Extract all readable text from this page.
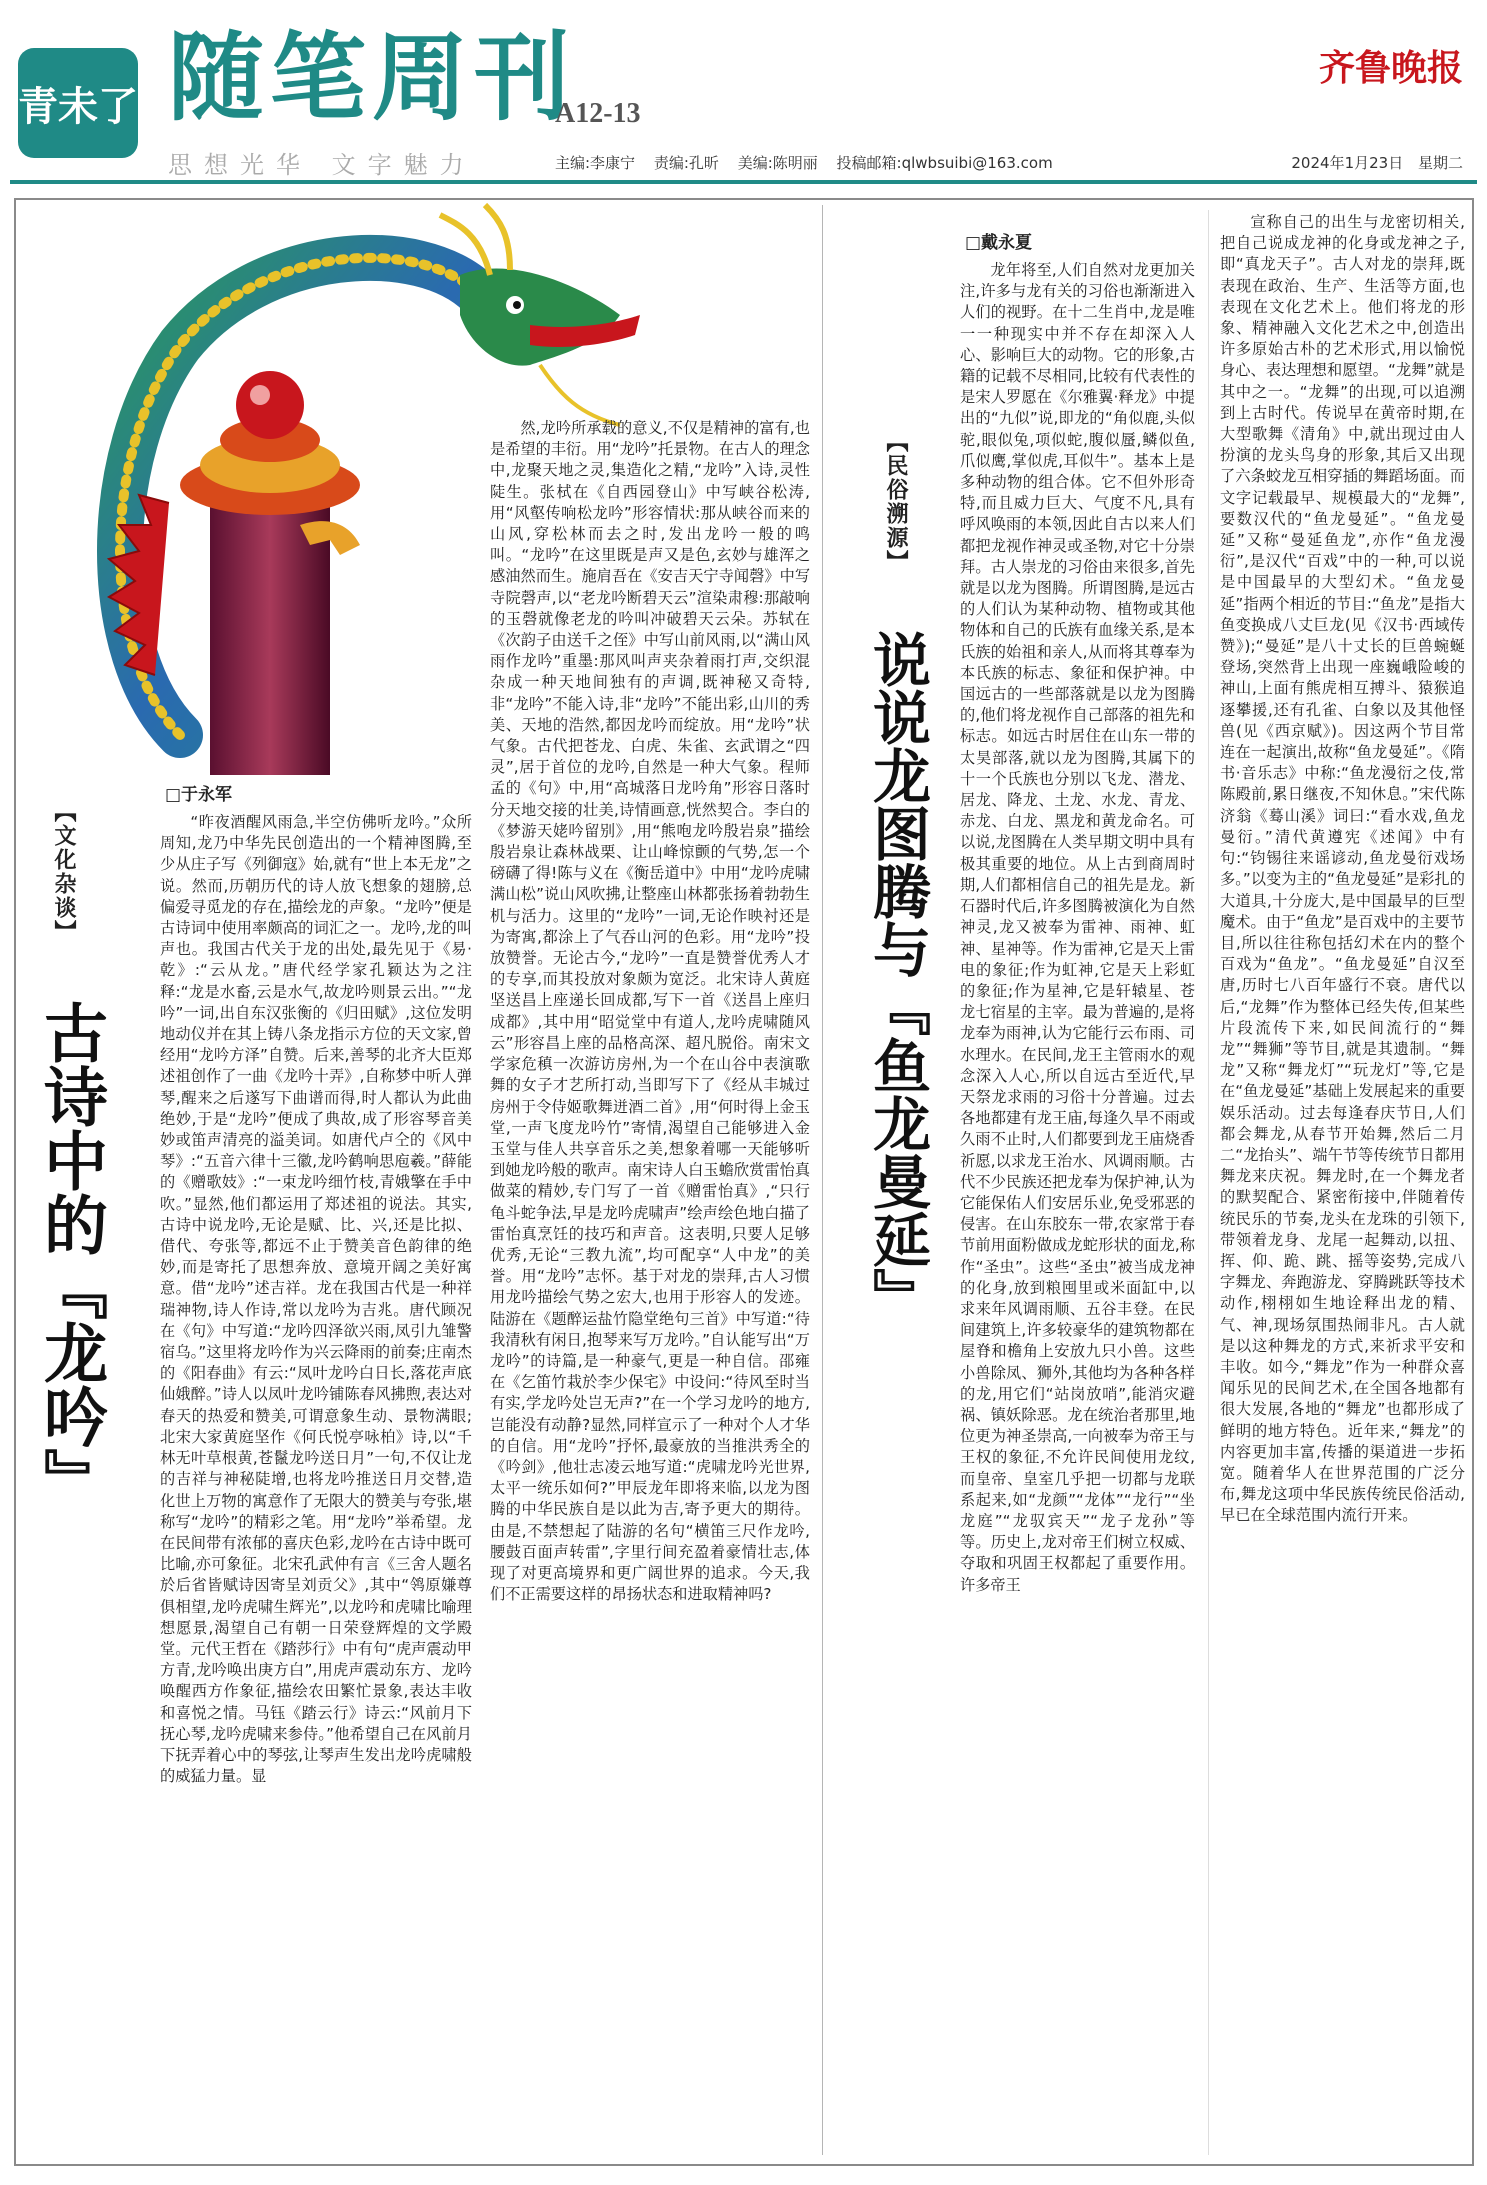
青未了 随笔周刊
A12-13
齐鲁晚报
思想光华 文字魅力	主编:李康宁 责编:孔昕 美编:陈明丽 投稿邮箱:qlwbsuibi@163.com	2024年1月23日 星期二
【文化杂谈】
古诗中的『龙吟』
□于永军

“昨夜酒醒风雨急,半空仿佛听龙吟。”众所周知,龙乃中华先民创造出的一个精神图腾,至少从庄子写《列御寇》始,就有“世上本无龙”之说。然而,历朝历代的诗人放飞想象的翅膀,总偏爱寻觅龙的存在,描绘龙的声象。“龙吟”便是古诗词中使用率颇高的词汇之一。龙吟,龙的叫声也。我国古代关于龙的出处,最先见于《易·乾》:“云从龙。”唐代经学家孔颖达为之注释:“龙是水畜,云是水气,故龙吟则景云出。”“龙吟”一词,出自东汉张衡的《归田赋》,这位发明地动仪并在其上铸八条龙指示方位的天文家,曾经用“龙吟方泽”自赞。后来,善琴的北齐大臣郑述祖创作了一曲《龙吟十弄》,自称梦中听人弹琴,醒来之后遂写下曲谱而得,时人都认为此曲绝妙,于是“龙吟”便成了典故,成了形容琴音美妙或笛声清亮的溢美词。如唐代卢仝的《风中琴》:“五音六律十三徽,龙吟鹤响思庖羲。”薛能的《赠歌妓》:“一束龙吟细竹枝,青娥擎在手中吹。”显然,他们都运用了郑述祖的说法。其实,古诗中说龙吟,无论是赋、比、兴,还是比拟、借代、夸张等,都远不止于赞美音色韵律的绝妙,而是寄托了思想奔放、意境开阔之美好寓意。借“龙吟”述吉祥。龙在我国古代是一种祥瑞神物,诗人作诗,常以龙吟为吉兆。唐代顾况在《句》中写道:“龙吟四泽欲兴雨,凤引九雏警宿乌。”这里将龙吟作为兴云降雨的前奏;庄南杰的《阳春曲》有云:“凤叶龙吟白日长,落花声底仙娥醉。”诗人以凤叶龙吟铺陈春风拂煦,表达对春天的热爱和赞美,可谓意象生动、景物满眼;北宋大家黄庭坚作《何氏悦亭咏柏》诗,以“千林无叶草根黄,苍鬣龙吟送日月”一句,不仅让龙的吉祥与神秘陡增,也将龙吟推送日月交替,造化世上万物的寓意作了无限大的赞美与夸张,堪称写“龙吟”的精彩之笔。用“龙吟”举希望。龙在民间带有浓郁的喜庆色彩,龙吟在古诗中既可比喻,亦可象征。北宋孔武仲有言《三舍人题名於后省皆赋诗因寄呈刘贡父》,其中“鸰原嫌尊俱相望,龙吟虎啸生辉光”,以龙吟和虎啸比喻理想愿景,渴望自己有朝一日荣登辉煌的文学殿堂。元代王哲在《踏莎行》中有句“虎声震动甲方青,龙吟唤出庚方白”,用虎声震动东方、龙吟唤醒西方作象征,描绘农田繁忙景象,表达丰收和喜悦之情。马钰《踏云行》诗云:“风前月下抚心琴,龙吟虎啸来参侍。”他希望自己在风前月下抚弄着心中的琴弦,让琴声生发出龙吟虎啸般的威猛力量。显

然,龙吟所承载的意义,不仅是精神的富有,也是希望的丰衍。用“龙吟”托景物。在古人的理念中,龙聚天地之灵,集造化之精,“龙吟”入诗,灵性陡生。张栻在《自西园登山》中写峡谷松涛,用“风壑传响松龙吟”形容情状:那从峡谷而来的山风,穿松林而去之时,发出龙吟一般的鸣叫。“龙吟”在这里既是声又是色,玄妙与雄浑之感油然而生。施肩吾在《安吉天宁寺闻磬》中写寺院磬声,以“老龙吟断碧天云”渲染肃穆:那敲响的玉磬就像老龙的吟叫冲破碧天云朵。苏轼在《次韵子由送千之侄》中写山前风雨,以“满山风雨作龙吟”重墨:那风叫声夹杂着雨打声,交织混杂成一种天地间独有的声调,既神秘又奇特,非“龙吟”不能入诗,非“龙吟”不能出彩,山川的秀美、天地的浩然,都因龙吟而绽放。用“龙吟”状气象。古代把苍龙、白虎、朱雀、玄武谓之“四灵”,居于首位的龙吟,自然是一种大气象。程师孟的《句》中,用“高城落日龙吟角”形容日落时分天地交接的壮美,诗情画意,恍然契合。李白的《梦游天姥吟留别》,用“熊咆龙吟殷岩泉”描绘殷岩泉让森林战栗、让山峰惊颤的气势,怎一个磅礴了得!陈与义在《衡岳道中》中用“龙吟虎啸满山松”说山风吹拂,让整座山林都张扬着勃勃生机与活力。这里的“龙吟”一词,无论作映衬还是为寄寓,都涂上了气吞山河的色彩。用“龙吟”投放赞誉。无论古今,“龙吟”一直是赞誉优秀人才的专享,而其投放对象颇为宽泛。北宋诗人黄庭坚送昌上座递长回成都,写下一首《送昌上座归成都》,其中用“昭觉堂中有道人,龙吟虎啸随风云”形容昌上座的品格高深、超凡脱俗。南宋文学家危稹一次游访房州,为一个在山谷中表演歌舞的女子才艺所打动,当即写下了《经从丰城过房州于令侍姬歌舞迸酒二首》,用“何时得上金玉堂,一声飞度龙吟竹”寄情,渴望自己能够进入金玉堂与佳人共享音乐之美,想象着哪一天能够听到她龙吟般的歌声。南宋诗人白玉蟾欣赏雷怡真做菜的精妙,专门写了一首《赠雷怡真》,“只行龟斗蛇争法,早是龙吟虎啸声”绘声绘色地白描了雷怡真烹饪的技巧和声音。这表明,只要人足够优秀,无论“三教九流”,均可配享“人中龙”的美誉。用“龙吟”志怀。基于对龙的崇拜,古人习惯用龙吟描绘气势之宏大,也用于形容人的发迹。陆游在《题醉运盐竹隐堂绝句三首》中写道:“待我清秋有闲日,抱琴来写万龙吟。”自认能写出“万龙吟”的诗篇,是一种豪气,更是一种自信。邵雍在《乞笛竹栽於李少保宅》中设问:“待风至时当有实,学龙吟处岂无声?”在一个学习龙吟的地方,岂能没有动静?显然,同样宣示了一种对个人才华的自信。用“龙吟”抒怀,最豪放的当推洪秀全的《吟剑》,他壮志凌云地写道:“虎啸龙吟光世界,太平一统乐如何?”甲辰龙年即将来临,以龙为图腾的中华民族自是以此为吉,寄予更大的期待。由是,不禁想起了陆游的名句“横笛三尺作龙吟,腰鼓百面声转雷”,字里行间充盈着豪情壮志,体现了对更高境界和更广阔世界的追求。今天,我们不正需要这样的昂扬状态和进取精神吗?

【民俗溯源】
说说龙图腾与『鱼龙曼延』
□戴永夏

龙年将至,人们自然对龙更加关注,许多与龙有关的习俗也渐渐进入人们的视野。在十二生肖中,龙是唯一一种现实中并不存在却深入人心、影响巨大的动物。它的形象,古籍的记载不尽相同,比较有代表性的是宋人罗愿在《尔雅翼·释龙》中提出的“九似”说,即龙的“角似鹿,头似驼,眼似兔,项似蛇,腹似蜃,鳞似鱼,爪似鹰,掌似虎,耳似牛”。基本上是多种动物的组合体。它不但外形奇特,而且威力巨大、气度不凡,具有呼风唤雨的本领,因此自古以来人们都把龙视作神灵或圣物,对它十分崇拜。古人崇龙的习俗由来很多,首先就是以龙为图腾。所谓图腾,是远古的人们认为某种动物、植物或其他物体和自己的氏族有血缘关系,是本氏族的始祖和亲人,从而将其尊奉为本氏族的标志、象征和保护神。中国远古的一些部落就是以龙为图腾的,他们将龙视作自己部落的祖先和标志。如远古时居住在山东一带的太昊部落,就以龙为图腾,其属下的十一个氏族也分别以飞龙、潜龙、居龙、降龙、土龙、水龙、青龙、赤龙、白龙、黑龙和黄龙命名。可以说,龙图腾在人类早期文明中具有极其重要的地位。从上古到商周时期,人们都相信自己的祖先是龙。新石器时代后,许多图腾被演化为自然神灵,龙又被奉为雷神、雨神、虹神、星神等。作为雷神,它是天上雷电的象征;作为虹神,它是天上彩虹的象征;作为星神,它是轩辕星、苍龙七宿星的主宰。最为普遍的,是将龙奉为雨神,认为它能行云布雨、司水理水。在民间,龙王主管雨水的观念深入人心,所以自远古至近代,早天祭龙求雨的习俗十分普遍。过去各地都建有龙王庙,每逢久旱不雨或久雨不止时,人们都要到龙王庙烧香祈愿,以求龙王治水、风调雨顺。古代不少民族还把龙奉为保护神,认为它能保佑人们安居乐业,免受邪恶的侵害。在山东胶东一带,农家常于春节前用面粉做成龙蛇形状的面龙,称作“圣虫”。这些“圣虫”被当成龙神的化身,放到粮囤里或米面缸中,以求来年风调雨顺、五谷丰登。在民间建筑上,许多较豪华的建筑物都在屋脊和檐角上安放九只小兽。这些小兽除凤、狮外,其他均为各种各样的龙,用它们“站岗放哨”,能消灾避祸、镇妖除恶。龙在统治者那里,地位更为神圣崇高,一向被奉为帝王与王权的象征,不允许民间使用龙纹,而皇帝、皇室几乎把一切都与龙联系起来,如“龙颜”“龙体”“龙行”“坐龙庭”“龙驭宾天”“龙子龙孙”等等。历史上,龙对帝王们树立权威、夺取和巩固王权都起了重要作用。许多帝王

宣称自己的出生与龙密切相关,把自己说成龙神的化身或龙神之子,即“真龙天子”。古人对龙的崇拜,既表现在政治、生产、生活等方面,也表现在文化艺术上。他们将龙的形象、精神融入文化艺术之中,创造出许多原始古朴的艺术形式,用以愉悦身心、表达理想和愿望。“龙舞”就是其中之一。“龙舞”的出现,可以追溯到上古时代。传说早在黄帝时期,在大型歌舞《清角》中,就出现过由人扮演的龙头鸟身的形象,其后又出现了六条蛟龙互相穿插的舞蹈场面。而文字记载最早、规模最大的“龙舞”,要数汉代的“鱼龙曼延”。“鱼龙曼延”又称“曼延鱼龙”,亦作“鱼龙漫衍”,是汉代“百戏”中的一种,可以说是中国最早的大型幻术。“鱼龙曼延”指两个相近的节目:“鱼龙”是指大鱼变换成八丈巨龙(见《汉书·西域传赞》);“曼延”是八十丈长的巨兽蜿蜒登场,突然背上出现一座巍峨险峻的神山,上面有熊虎相互搏斗、猿猴追逐攀援,还有孔雀、白象以及其他怪兽(见《西京赋》)。因这两个节目常连在一起演出,故称“鱼龙曼延”。《隋书·音乐志》中称:“鱼龙漫衍之伎,常陈殿前,累日继夜,不知休息。”宋代陈济翁《蓦山溪》词曰:“看水戏,鱼龙曼衍。”清代黄遵宪《述闻》中有句:“钧锡往来谣谚动,鱼龙曼衍戏场多。”以变为主的“鱼龙曼延”是彩扎的大道具,十分庞大,是中国最早的巨型魔术。由于“鱼龙”是百戏中的主要节目,所以往往称包括幻术在内的整个百戏为“鱼龙”。“鱼龙曼延”自汉至唐,历时七八百年盛行不衰。唐代以后,“龙舞”作为整体已经失传,但某些片段流传下来,如民间流行的“舞龙”“舞狮”等节目,就是其遗制。“舞龙”又称“舞龙灯”“玩龙灯”等,它是在“鱼龙曼延”基础上发展起来的重要娱乐活动。过去每逢春庆节日,人们都会舞龙,从春节开始舞,然后二月二“龙抬头”、端午节等传统节日都用舞龙来庆祝。舞龙时,在一个舞龙者的默契配合、紧密衔接中,伴随着传统民乐的节奏,龙头在龙珠的引领下,带领着龙身、龙尾一起舞动,以扭、挥、仰、跪、跳、摇等姿势,完成八字舞龙、奔跑游龙、穿腾跳跃等技术动作,栩栩如生地诠释出龙的精、气、神,现场氛围热闹非凡。古人就是以这种舞龙的方式,来祈求平安和丰收。如今,“舞龙”作为一种群众喜闻乐见的民间艺术,在全国各地都有很大发展,各地的“舞龙”也都形成了鲜明的地方特色。近年来,“舞龙”的内容更加丰富,传播的渠道进一步拓宽。随着华人在世界范围的广泛分布,舞龙这项中华民族传统民俗活动,早已在全球范围内流行开来。
